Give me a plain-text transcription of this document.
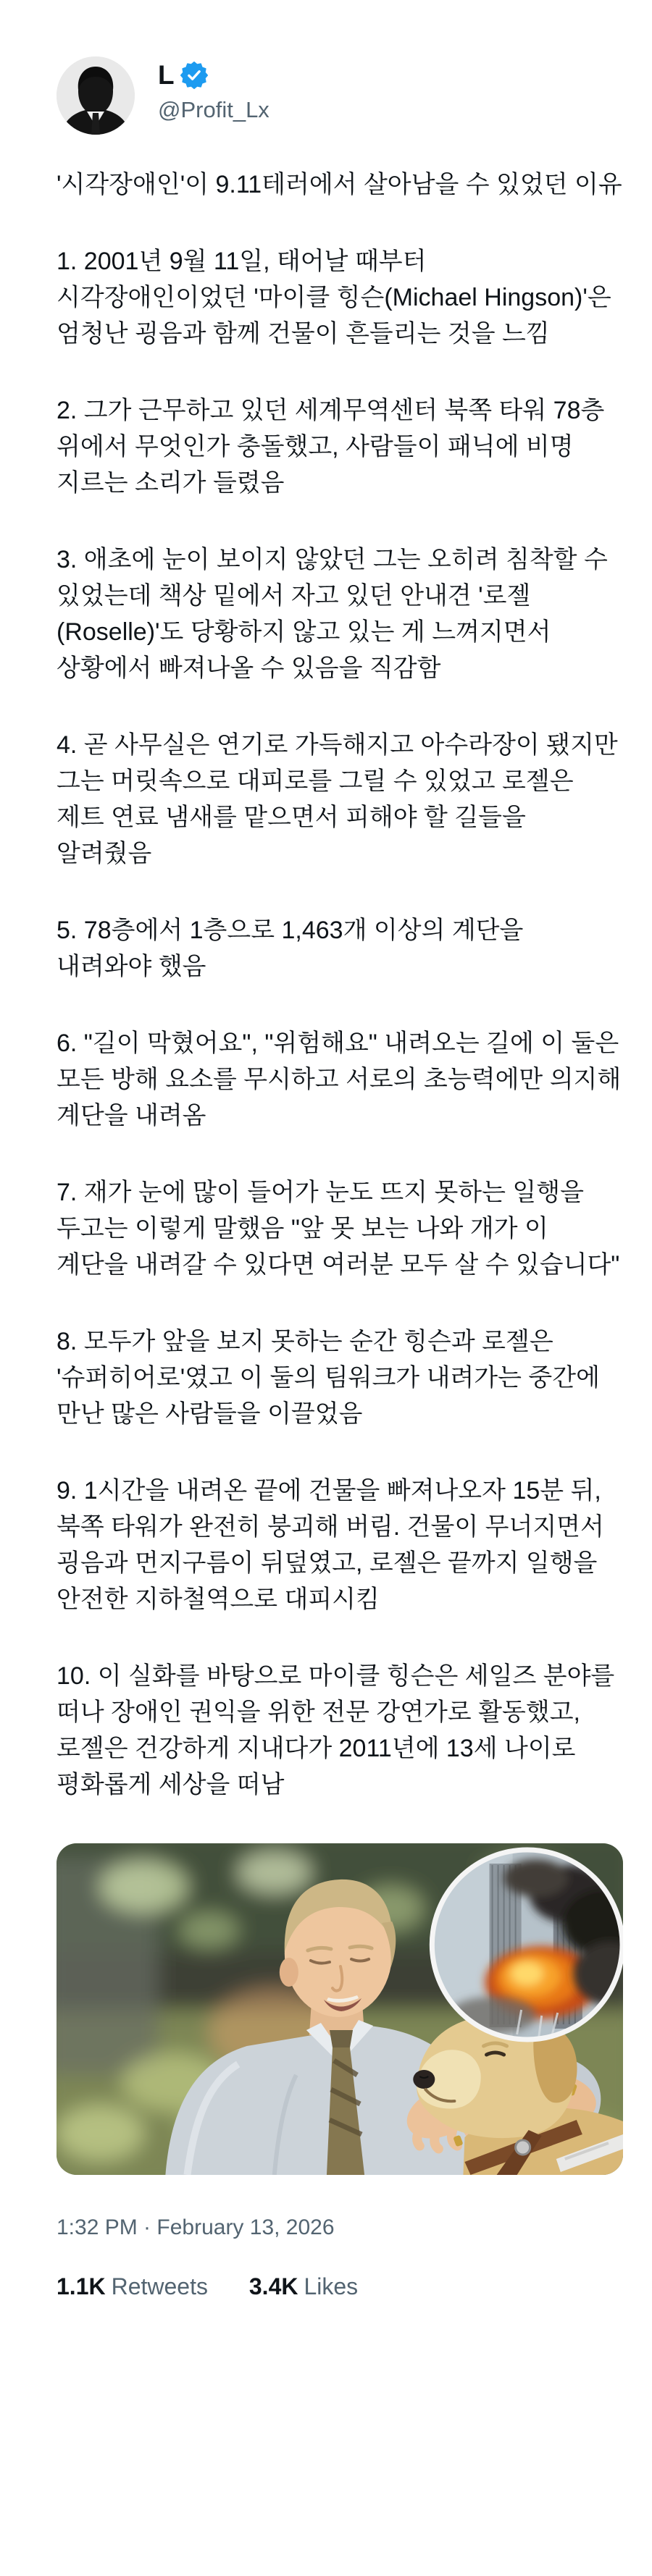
L
@Profit_Lx

'시각장애인'이 9.11테러에서 살아남을 수 있었던 이유

1. 2001년 9월 11일, 태어날 때부터 시각장애인이었던 '마이클 힝슨(Michael Hingson)'은 엄청난 굉음과 함께 건물이 흔들리는 것을 느낌

2. 그가 근무하고 있던 세계무역센터 북쪽 타워 78층 위에서 무엇인가 충돌했고, 사람들이 패닉에 비명 지르는 소리가 들렸음

3. 애초에 눈이 보이지 않았던 그는 오히려 침착할 수 있었는데 책상 밑에서 자고 있던 안내견 '로젤(Roselle)'도 당황하지 않고 있는 게 느껴지면서 상황에서 빠져나올 수 있음을 직감함

4. 곧 사무실은 연기로 가득해지고 아수라장이 됐지만 그는 머릿속으로 대피로를 그릴 수 있었고 로젤은 제트 연료 냄새를 맡으면서 피해야 할 길들을 알려줬음

5. 78층에서 1층으로 1,463개 이상의 계단을 내려와야 했음

6. "길이 막혔어요", "위험해요" 내려오는 길에 이 둘은 모든 방해 요소를 무시하고 서로의 초능력에만 의지해 계단을 내려옴

7. 재가 눈에 많이 들어가 눈도 뜨지 못하는 일행을 두고는 이렇게 말했음 "앞 못 보는 나와 개가 이 계단을 내려갈 수 있다면 여러분 모두 살 수 있습니다"

8. 모두가 앞을 보지 못하는 순간 힝슨과 로젤은 '슈퍼히어로'였고 이 둘의 팀워크가 내려가는 중간에 만난 많은 사람들을 이끌었음

9. 1시간을 내려온 끝에 건물을 빠져나오자 15분 뒤, 북쪽 타워가 완전히 붕괴해 버림. 건물이 무너지면서 굉음과 먼지구름이 뒤덮였고, 로젤은 끝까지 일행을 안전한 지하철역으로 대피시킴

10. 이 실화를 바탕으로 마이클 힝슨은 세일즈 분야를 떠나 장애인 권익을 위한 전문 강연가로 활동했고, 로젤은 건강하게 지내다가 2011년에 13세 나이로 평화롭게 세상을 떠남

1:32 PM · February 13, 2026
1.1K Retweets 3.4K Likes
